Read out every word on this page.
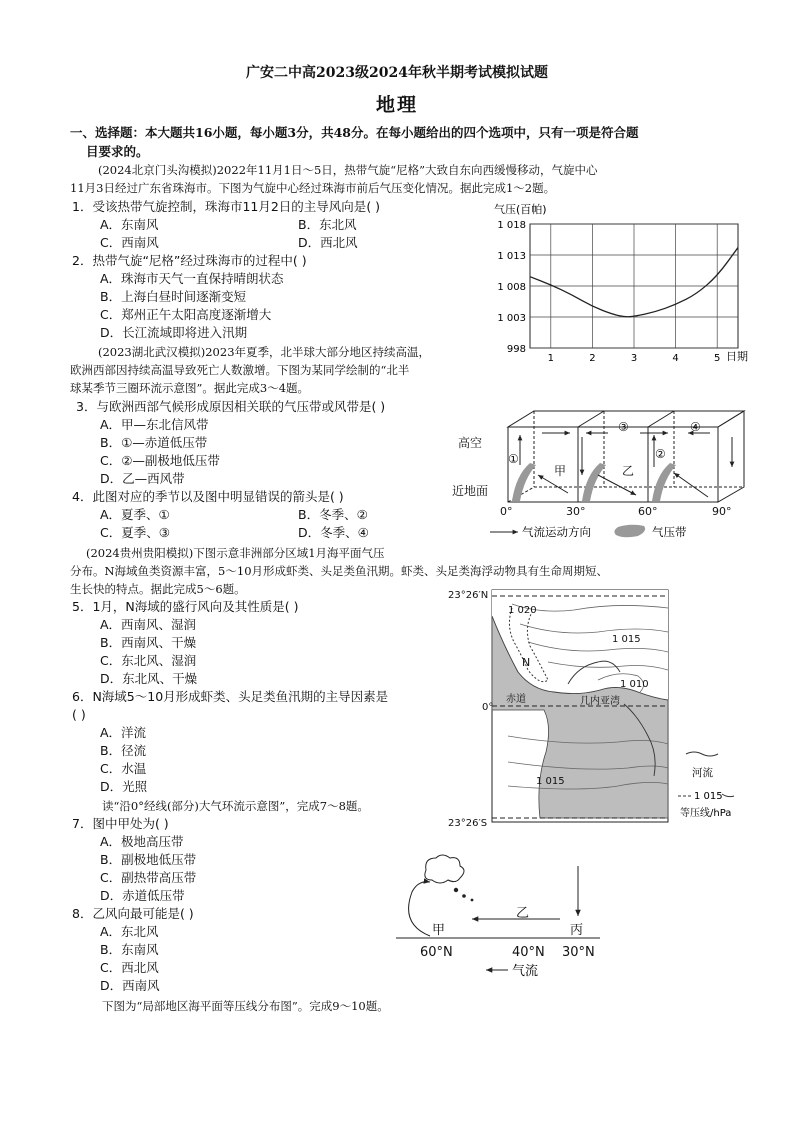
广安二中高2023级2024年秋半期考试模拟试题
地理
一、选择题：本大题共16小题，每小题3分，共48分。在每小题给出的四个选项中，只有一项是符合题
目要求的。
(2024北京门头沟模拟)2022年11月1日～5日，热带气旋“尼格”大致自东向西缓慢移动，气旋中心
11月3日经过广东省珠海市。下图为气旋中心经过珠海市前后气压变化情况。据此完成1～2题。
1．受该热带气旋控制，珠海市11月2日的主导风向是( )
A．东南风	B．东北风
C．西南风	D．西北风
2．热带气旋“尼格”经过珠海市的过程中( )
A．珠海市天气一直保持晴朗状态
B．上海白昼时间逐渐变短
C．郑州正午太阳高度逐渐增大
D．长江流域即将进入汛期
(2023湖北武汉模拟)2023年夏季，北半球大部分地区持续高温，
欧洲西部因持续高温导致死亡人数激增。下图为某同学绘制的“北半
球某季节三圈环流示意图”。据此完成3～4题。
3．与欧洲西部气候形成原因相关联的气压带或风带是( )
A．甲—东北信风带
B．①—赤道低压带
C．②—副极地低压带
D．乙—西风带
4．此图对应的季节以及图中明显错误的箭头是( )
A．夏季、①	B．冬季、②
C．夏季、③	D．冬季、④
(2024贵州贵阳模拟)下图示意非洲部分区域1月海平面气压
分布。N海域鱼类资源丰富，5～10月形成虾类、头足类鱼汛期。虾类、头足类海浮动物具有生命周期短、
生长快的特点。据此完成5～6题。
5．1月，N海域的盛行风向及其性质是( )
A．西南风、湿润
B．西南风、干燥
C．东北风、湿润
D．东北风、干燥
6．N海域5～10月形成虾类、头足类鱼汛期的主导因素是
( )
A．洋流
B．径流
C．水温
D．光照
读“沿0°经线(部分)大气环流示意图”，完成7～8题。
7．图中甲处为( )
A．极地高压带
B．副极地低压带
C．副热带高压带
D．赤道低压带
8．乙风向最可能是( )
A．东北风
B．东南风
C．西北风
D．西南风
下图为“局部地区海平面等压线分布图”。完成9～10题。
气压(百帕)
998
1 003
1 008
1 013
1 018
1	2	3	4	5 日期
高空
近地面
①	②
③	④
甲	乙
0°	30°	60°	90°
气流运动方向	气压带
23°26′N
0°
23°26′S
1 020
1 015
1 010
1 015
N
赤道	几内亚湾
河流
1 015
等压线/hPa
甲
乙
丙
60°N	40°N 30°N
气流
